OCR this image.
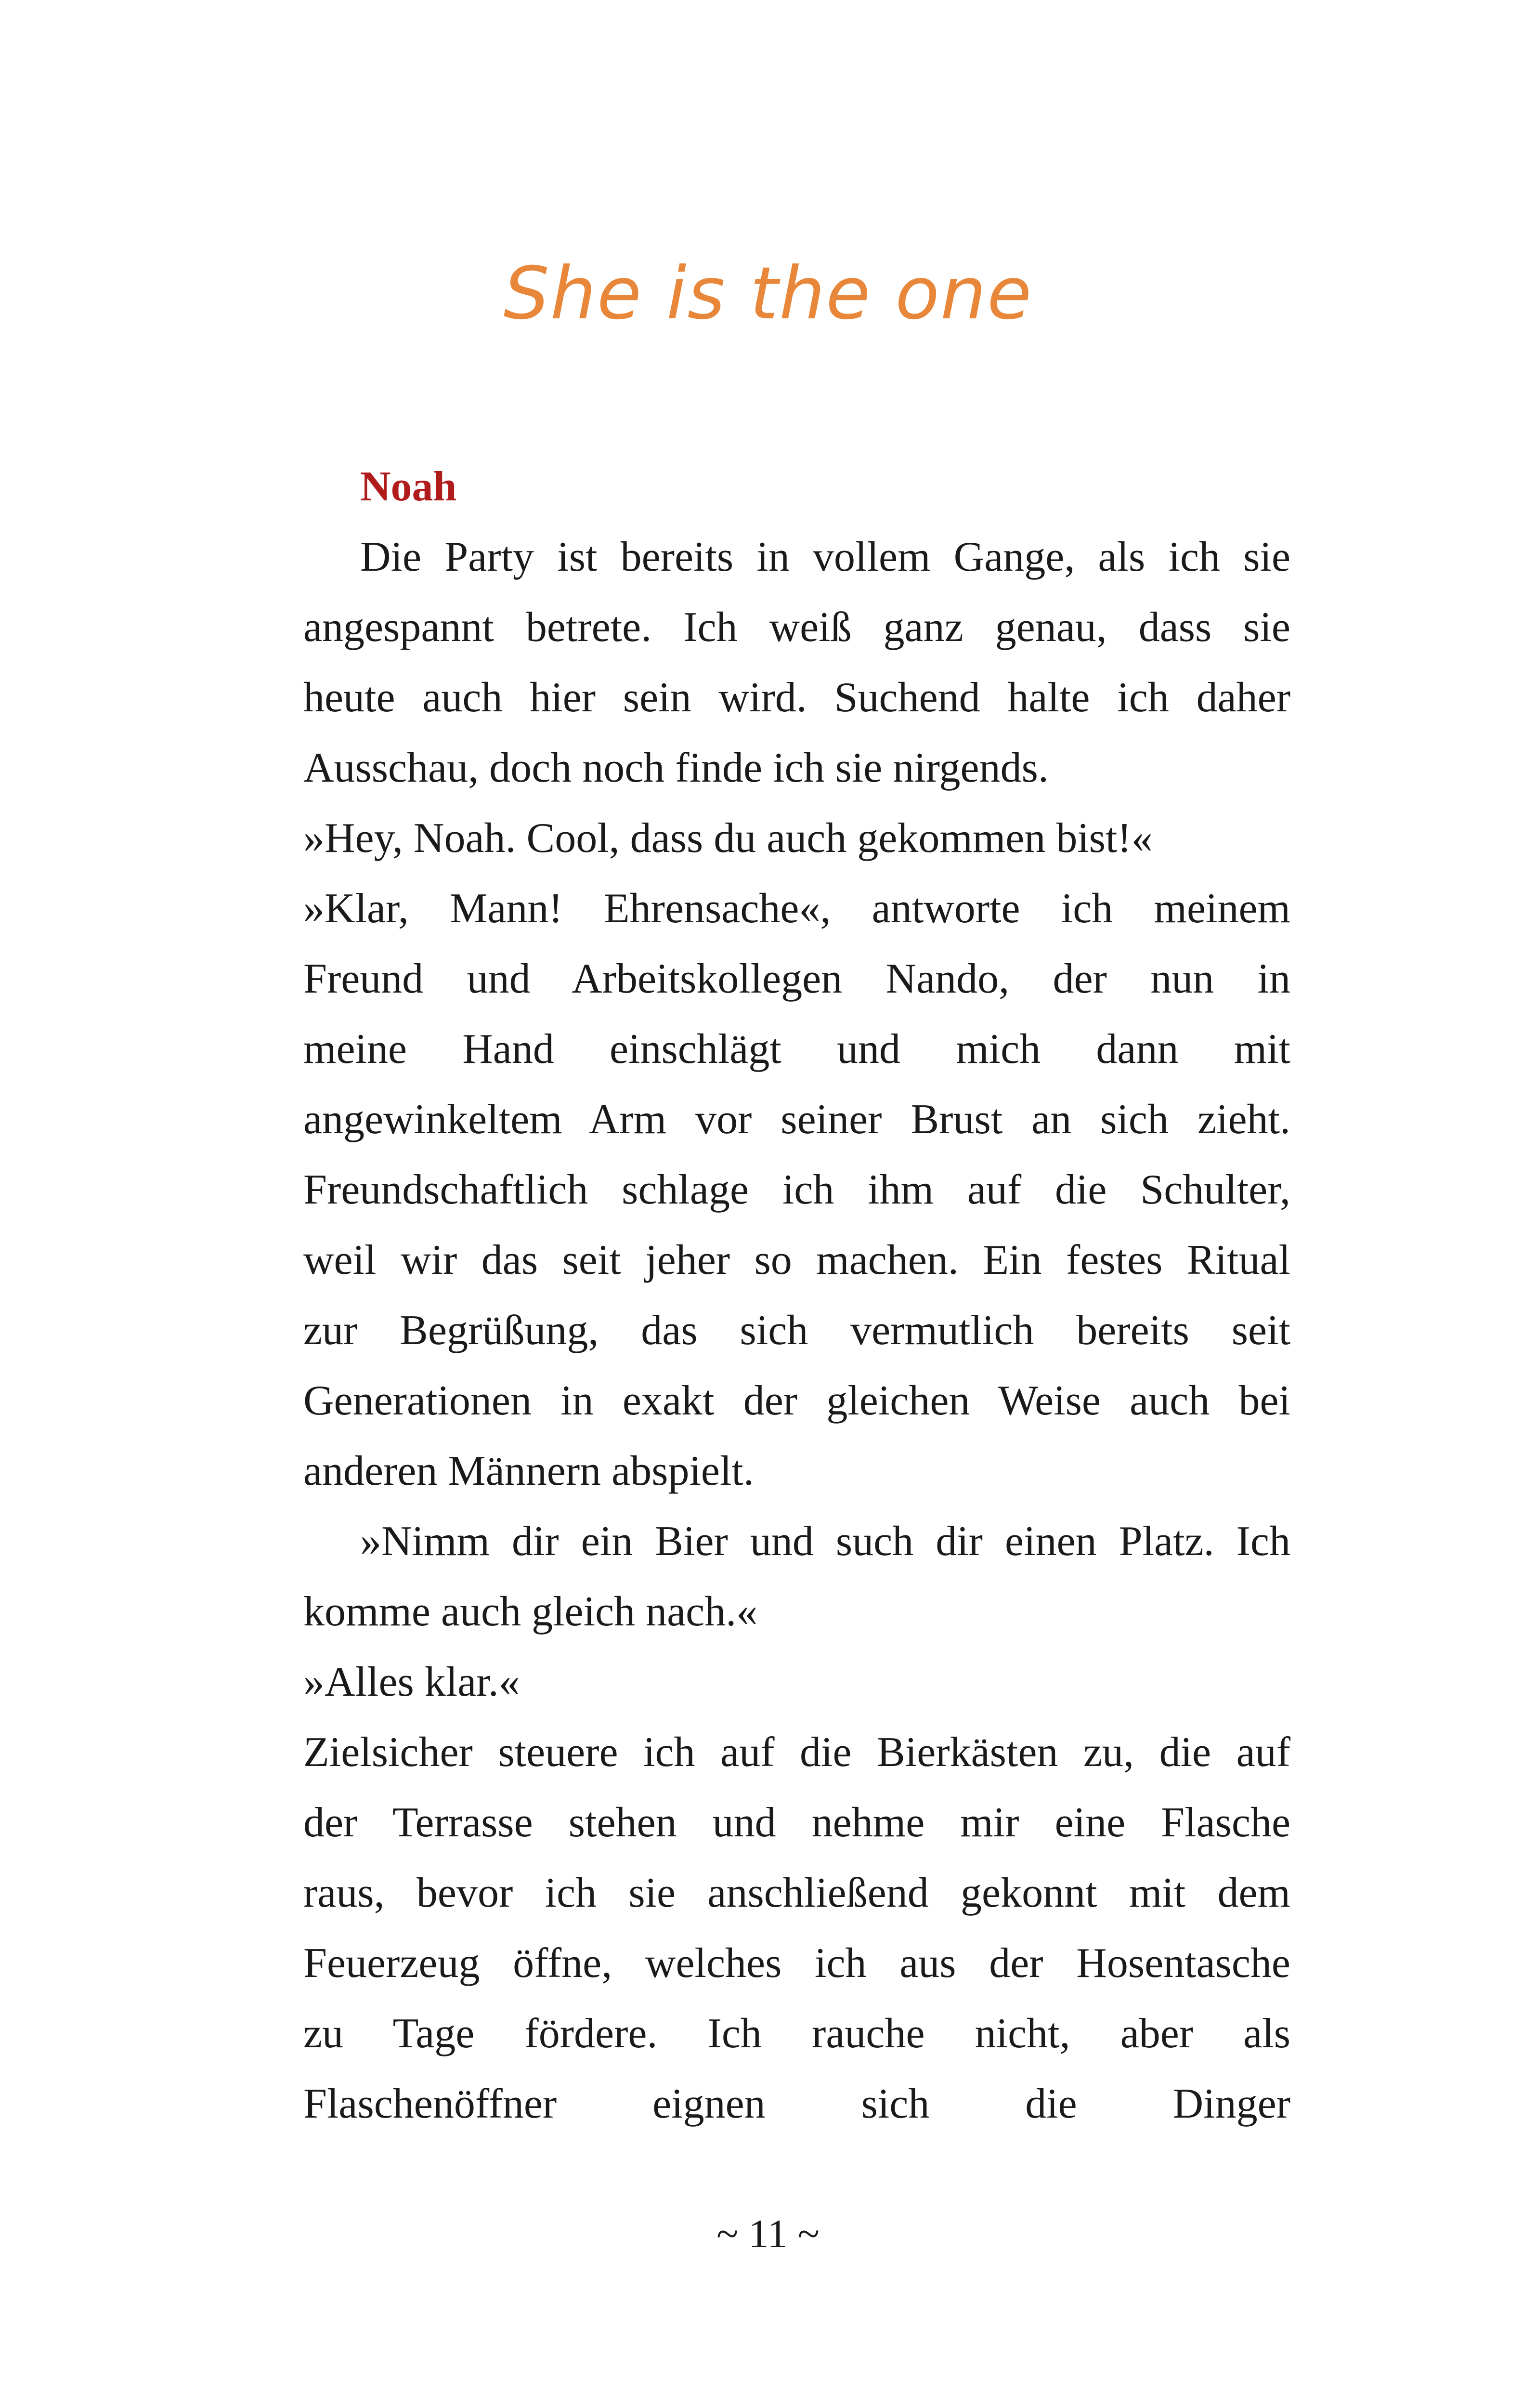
She is the one
Noah
Die Party ist bereits in vollem Gange, als ich sie
angespannt betrete. Ich weiß ganz genau, dass sie
heute auch hier sein wird. Suchend halte ich daher
Ausschau, doch noch finde ich sie nirgends.
»Hey, Noah. Cool, dass du auch gekommen bist!«
»Klar, Mann! Ehrensache«, antworte ich meinem
Freund und Arbeitskollegen Nando, der nun in
meine Hand einschlägt und mich dann mit
angewinkeltem Arm vor seiner Brust an sich zieht.
Freundschaftlich schlage ich ihm auf die Schulter,
weil wir das seit jeher so machen. Ein festes Ritual
zur Begrüßung, das sich vermutlich bereits seit
Generationen in exakt der gleichen Weise auch bei
anderen Männern abspielt.
»Nimm dir ein Bier und such dir einen Platz. Ich
komme auch gleich nach.«
»Alles klar.«
Zielsicher steuere ich auf die Bierkästen zu, die auf
der Terrasse stehen und nehme mir eine Flasche
raus, bevor ich sie anschließend gekonnt mit dem
Feuerzeug öffne, welches ich aus der Hosentasche
zu Tage fördere. Ich rauche nicht, aber als
Flaschenöffner eignen sich die Dinger
~ 11 ~
